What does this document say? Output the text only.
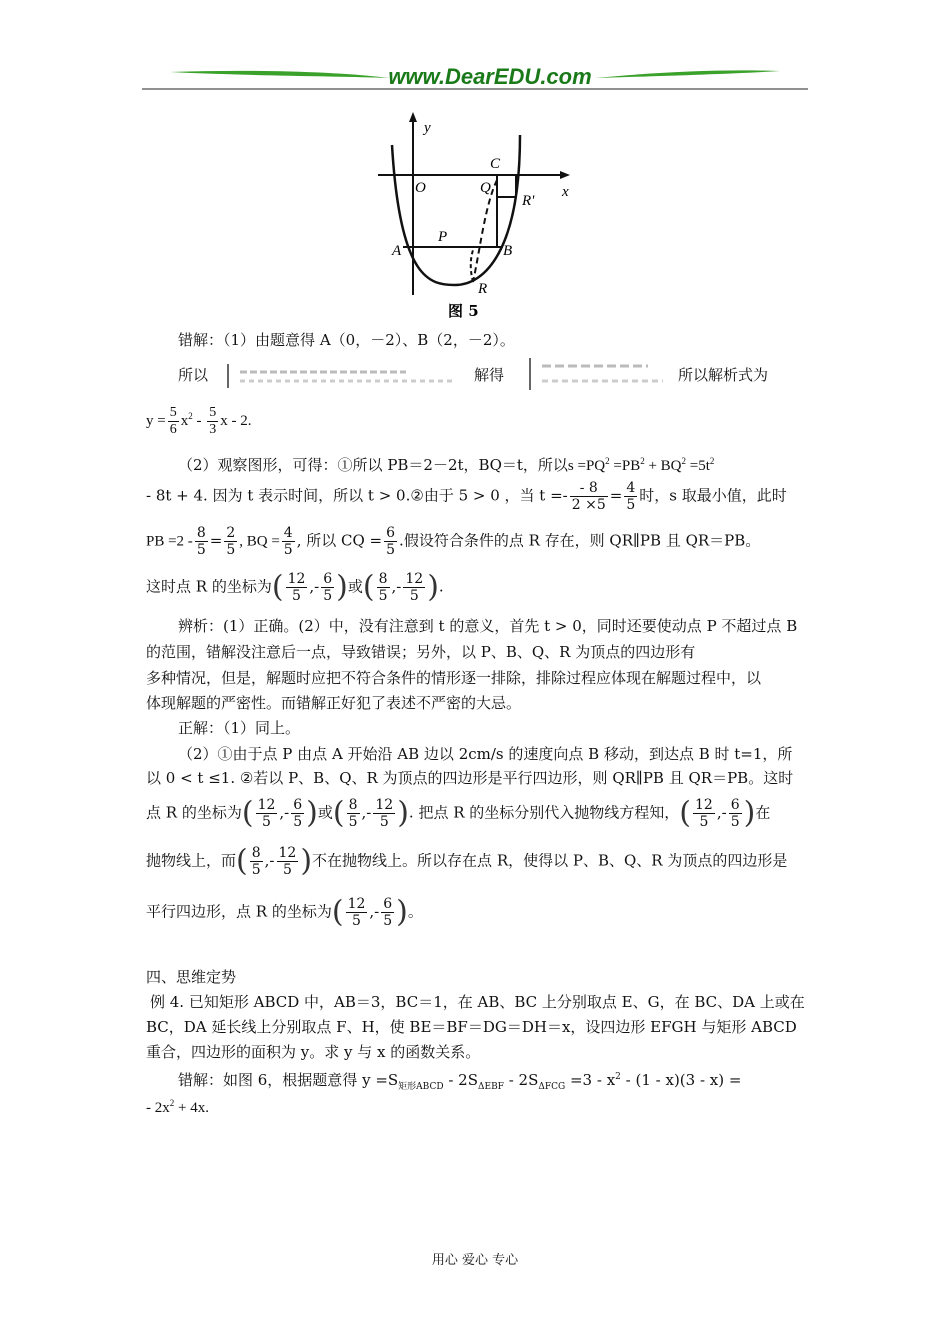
www.DearEDU.com
y
C
O	Q	x
R'
P
A	B
R
图 5
错解：（1）由题意得 A（0，－2）、B（2，－2）。
所以	解得	所以解析式为
$y = \frac{5}{6} x^2 - \frac{5}{3}$ x - 2.
（2）观察图形，可得：①所以 PB＝2－2t，BQ＝t，所以$s =PQ^2 =PB^2 + BQ^2 =5t^2$
- 8t + 4. 因为 t 表示时间，所以 t > 0.②由于 5 > 0 ，当 $t =- \frac{- 8}{2 \times 5} = \frac{4}{5}$ 时，s 取最小值，此时
PB $=2 - \frac{8}{5} = \frac{2}{5}$ , BQ = $\frac{4}{5}$ , 所以 CQ = $\frac{6}{5}$ .假设符合条件的点 R 存在，则 QR∥PB 且 QR＝PB。
这时点 R 的坐标为( $\frac{12}{5}$ ,- $\frac{6}{5}$ )或( $\frac{8}{5}$ ,- $\frac{12}{5}$ ).
辨析：(1）正确。(2）中，没有注意到 t 的意义，首先 t > 0，同时还要使动点 P 不超过点 B
的范围，错解没注意后一点，导致错误；另外，以 P、B、Q、R 为顶点的四边形有
多种情况，但是，解题时应把不符合条件的情形逐一排除，排除过程应体现在解题过程中，以
体现解题的严密性。而错解正好犯了表述不严密的大忌。
正解：（1）同上。
（2）①由于点 P 由点 A 开始沿 AB 边以 2cm/s 的速度向点 B 移动，到达点 B 时 t=1，所
以 0 < t ≤1. ②若以 P、B、Q、R 为顶点的四边形是平行四边形，则 QR∥PB 且 QR＝PB。这时
点 R 的坐标为( $\frac{12}{5}$ ,- $\frac{6}{5}$ )或( $\frac{8}{5}$ ,- $\frac{12}{5}$ ). 把点 R 的坐标分别代入抛物线方程知，( $\frac{12}{5}$ ,- $\frac{6}{5}$ )在
抛物线上，而( $\frac{8}{5}$ ,- $\frac{12}{5}$ )不在抛物线上。所以存在点 R，使得以 P、B、Q、R 为顶点的四边形是
平行四边形，点 R 的坐标为( $\frac{12}{5}$ ,- $\frac{6}{5}$ )。
四、思维定势
例 4. 已知矩形 ABCD 中，AB＝3，BC＝1，在 AB、BC 上分别取点 E、G，在 BC、DA 上或在
BC，DA 延长线上分别取点 F、H，使 BE＝BF＝DG＝DH＝x，设四边形 EFGH 与矩形 ABCD
重合，四边形的面积为 y。求 y 与 x 的函数关系。
错解：如图 6，根据题意得 $y =S_{矩形ABCD} - 2S_{\Delta EBF} - 2S_{\Delta FCG} =3 - x^2 - (1 - x)(3 - x)$ =
- $2x^2 + 4x$.
用心 爱心 专心
